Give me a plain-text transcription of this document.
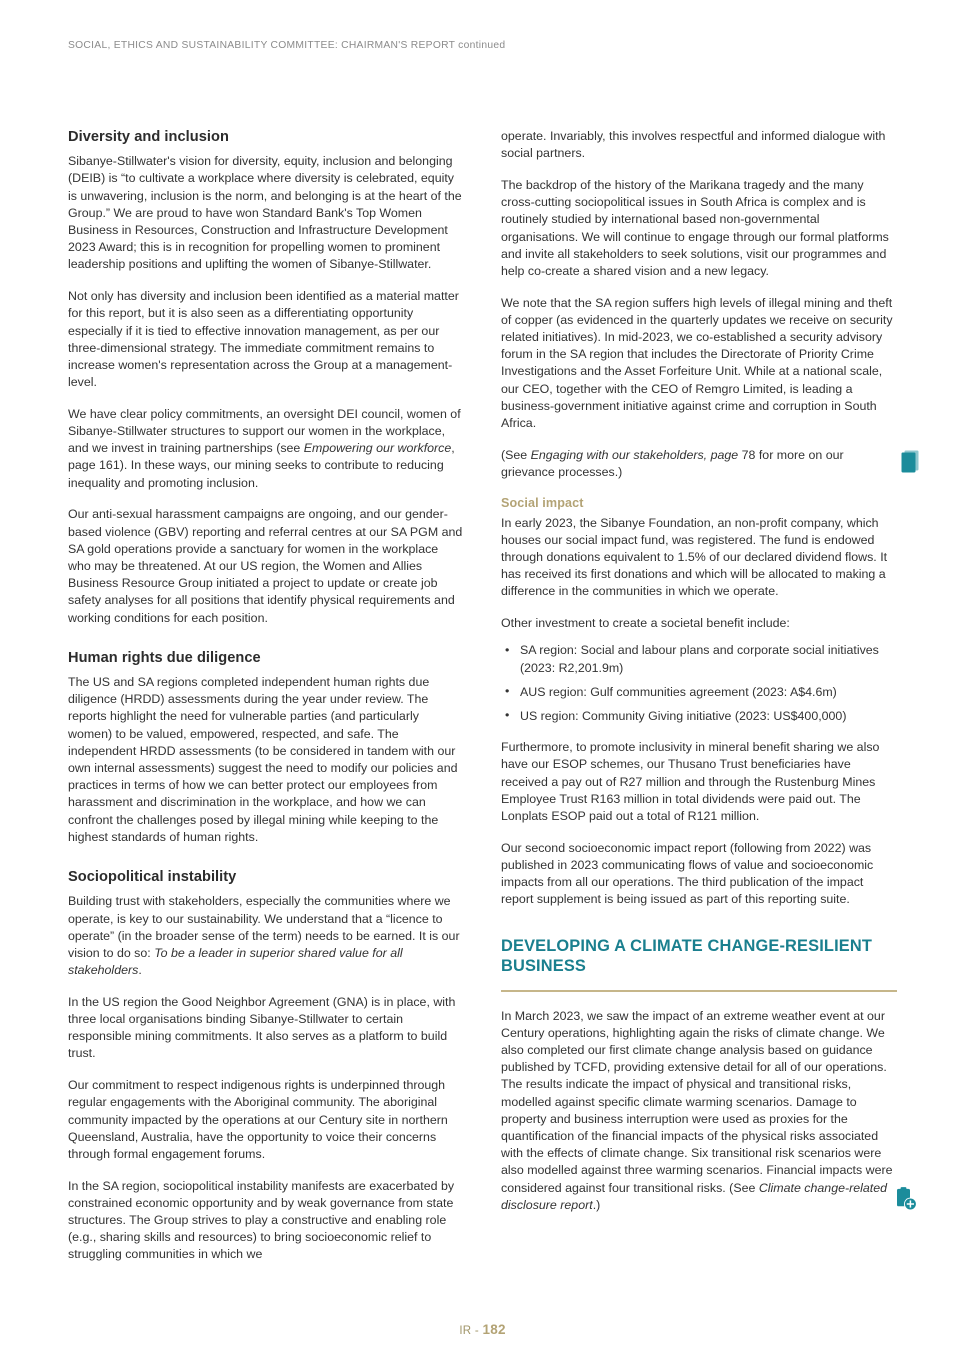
SOCIAL, ETHICS AND SUSTAINABILITY COMMITTEE: CHAIRMAN'S REPORT continued
Diversity and inclusion

Sibanye-Stillwater's vision for diversity, equity, inclusion and belonging (DEIB) is “to cultivate a workplace where diversity is celebrated, equity is unwavering, inclusion is the norm, and belonging is at the heart of the Group.” We are proud to have won Standard Bank's Top Women Business in Resources, Construction and Infrastructure Development 2023 Award; this is in recognition for propelling women to prominent leadership positions and uplifting the women of Sibanye-Stillwater.

Not only has diversity and inclusion been identified as a material matter for this report, but it is also seen as a differentiating opportunity especially if it is tied to effective innovation management, as per our three-dimensional strategy. The immediate commitment remains to increase women's representation across the Group at a management-level.

We have clear policy commitments, an oversight DEI council, women of Sibanye-Stillwater structures to support our women in the workplace, and we invest in training partnerships (see Empowering our workforce, page 161). In these ways, our mining seeks to contribute to reducing inequality and promoting inclusion.

Our anti-sexual harassment campaigns are ongoing, and our gender-based violence (GBV) reporting and referral centres at our SA PGM and SA gold operations provide a sanctuary for women in the workplace who may be threatened. At our US region, the Women and Allies Business Resource Group initiated a project to update or create job safety analyses for all positions that identify physical requirements and working conditions for each position.

Human rights due diligence

The US and SA regions completed independent human rights due diligence (HRDD) assessments during the year under review. The reports highlight the need for vulnerable parties (and particularly women) to be valued, empowered, respected, and safe. The independent HRDD assessments (to be considered in tandem with our own internal assessments) suggest the need to modify our policies and practices in terms of how we can better protect our employees from harassment and discrimination in the workplace, and how we can confront the challenges posed by illegal mining while keeping to the highest standards of human rights.

Sociopolitical instability

Building trust with stakeholders, especially the communities where we operate, is key to our sustainability. We understand that a “licence to operate” (in the broader sense of the term) needs to be earned. It is our vision to do so: To be a leader in superior shared value for all stakeholders.

In the US region the Good Neighbor Agreement (GNA) is in place, with three local organisations binding Sibanye-Stillwater to certain responsible mining commitments. It also serves as a platform to build trust.

Our commitment to respect indigenous rights is underpinned through regular engagements with the Aboriginal community. The aboriginal community impacted by the operations at our Century site in northern Queensland, Australia, have the opportunity to voice their concerns through formal engagement forums.

In the SA region, sociopolitical instability manifests are exacerbated by constrained economic opportunity and by weak governance from state structures. The Group strives to play a constructive and enabling role (e.g., sharing skills and resources) to bring socioeconomic relief to struggling communities in which we

operate. Invariably, this involves respectful and informed dialogue with social partners.

The backdrop of the history of the Marikana tragedy and the many cross-cutting sociopolitical issues in South Africa is complex and is routinely studied by international based non-governmental organisations. We will continue to engage through our formal platforms and invite all stakeholders to seek solutions, visit our programmes and help co-create a shared vision and a new legacy.

We note that the SA region suffers high levels of illegal mining and theft of copper (as evidenced in the quarterly updates we receive on security related initiatives). In mid-2023, we co-established a security advisory forum in the SA region that includes the Directorate of Priority Crime Investigations and the Asset Forfeiture Unit. While at a national scale, our CEO, together with the CEO of Remgro Limited, is leading a business-government initiative against crime and corruption in South Africa.

(See Engaging with our stakeholders, page 78 for more on our grievance processes.)

Social impact

In early 2023, the Sibanye Foundation, an non-profit company, which houses our social impact fund, was registered. The fund is endowed through donations equivalent to 1.5% of our declared dividend flows. It has received its first donations and which will be allocated to making a difference in the communities in which we operate.

Other investment to create a societal benefit include:

• SA region: Social and labour plans and corporate social initiatives (2023: R2,201.9m)
• AUS region: Gulf communities agreement (2023: A$4.6m)
• US region: Community Giving initiative (2023: US$400,000)

Furthermore, to promote inclusivity in mineral benefit sharing we also have our ESOP schemes, our Thusano Trust beneficiaries have received a pay out of R27 million and through the Rustenburg Mines Employee Trust R163 million in total dividends were paid out. The Lonplats ESOP paid out a total of R121 million.

Our second socioeconomic impact report (following from 2022) was published in 2023 communicating flows of value and socioeconomic impacts from all our operations. The third publication of the impact report supplement is being issued as part of this reporting suite.

DEVELOPING A CLIMATE CHANGE-RESILIENT BUSINESS

In March 2023, we saw the impact of an extreme weather event at our Century operations, highlighting again the risks of climate change. We also completed our first climate change analysis based on guidance published by TCFD, providing extensive detail for all of our operations. The results indicate the impact of physical and transitional risks, modelled against specific climate warming scenarios. Damage to property and business interruption were used as proxies for the quantification of the financial impacts of the physical risks associated with the effects of climate change. Six transitional risk scenarios were also modelled against three warming scenarios. Financial impacts were considered against four transitional risks. (See Climate change-related disclosure report.)

IR - 182
